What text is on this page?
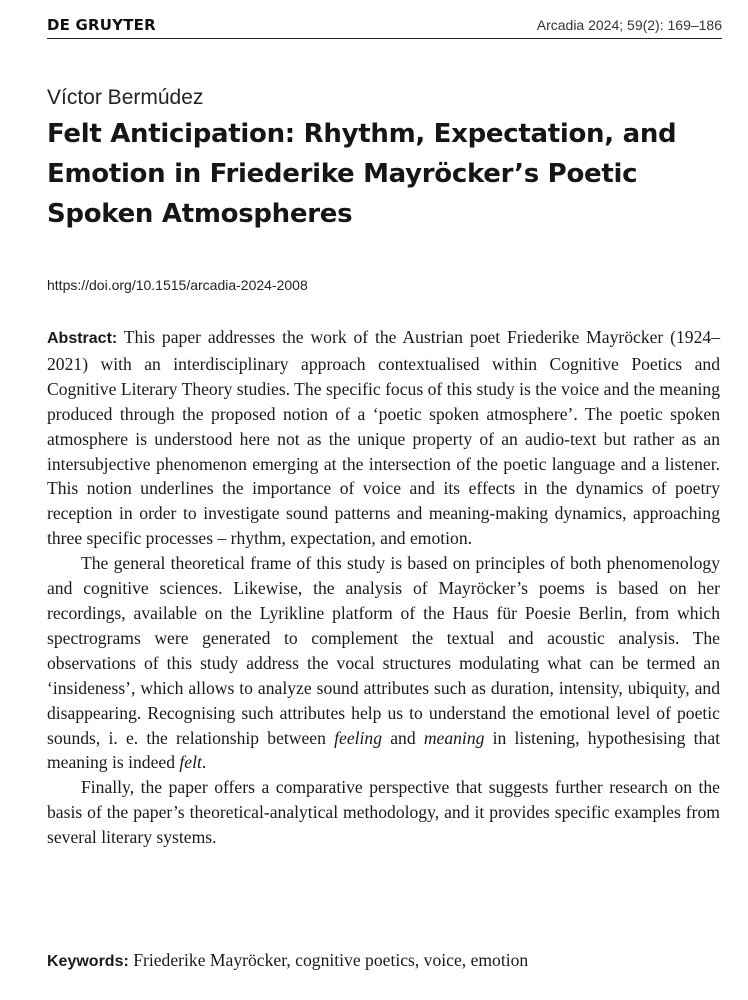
DE GRUYTER	Arcadia 2024; 59(2): 169–186
Víctor Bermúdez
Felt Anticipation: Rhythm, Expectation, and Emotion in Friederike Mayröcker’s Poetic Spoken Atmospheres
https://doi.org/10.1515/arcadia-2024-2008

Abstract: This paper addresses the work of the Austrian poet Friederike Mayröcker (1924–2021) with an interdisciplinary approach contextualised within Cognitive Poetics and Cognitive Literary Theory studies. The specific focus of this study is the voice and the meaning produced through the proposed notion of a ‘poetic spoken atmosphere’. The poetic spoken atmosphere is understood here not as the unique property of an audio-text but rather as an intersubjective phenomenon emerging at the intersection of the poetic language and a listener. This notion underlines the importance of voice and its effects in the dynamics of poetry reception in order to investigate sound patterns and meaning-making dynamics, approaching three specific processes – rhythm, expectation, and emotion.

The general theoretical frame of this study is based on principles of both phenomenology and cognitive sciences. Likewise, the analysis of Mayröcker’s poems is based on her recordings, available on the Lyrikline platform of the Haus für Poesie Berlin, from which spectrograms were generated to complement the textual and acoustic analysis. The observations of this study address the vocal structures modulating what can be termed an ‘insideness’, which allows to analyze sound attributes such as duration, intensity, ubiquity, and disappearing. Recognising such attributes help us to understand the emotional level of poetic sounds, i. e. the relationship between feeling and meaning in listening, hypothesising that meaning is indeed felt.

Finally, the paper offers a comparative perspective that suggests further research on the basis of the paper’s theoretical-analytical methodology, and it provides specific examples from several literary systems.

Keywords: Friederike Mayröcker, cognitive poetics, voice, emotion
